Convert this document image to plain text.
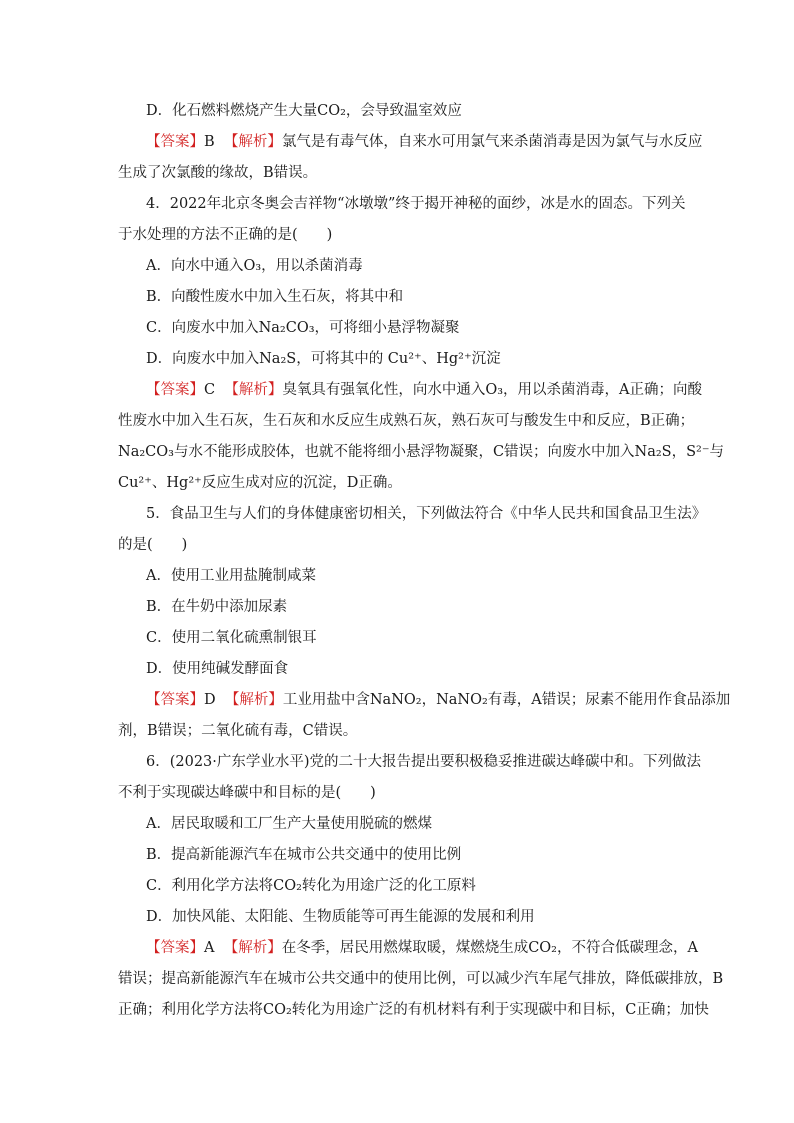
D．化石燃料燃烧产生大量CO₂，会导致温室效应
【答案】B 【解析】氯气是有毒气体，自来水可用氯气来杀菌消毒是因为氯气与水反应
生成了次氯酸的缘故，B错误。
4．2022年北京冬奥会吉祥物“冰墩墩”终于揭开神秘的面纱，冰是水的固态。下列关
于水处理的方法不正确的是(　　)
A．向水中通入O₃，用以杀菌消毒
B．向酸性废水中加入生石灰，将其中和
C．向废水中加入Na₂CO₃，可将细小悬浮物凝聚
D．向废水中加入Na₂S，可将其中的 Cu²⁺、Hg²⁺沉淀
【答案】C 【解析】臭氧具有强氧化性，向水中通入O₃，用以杀菌消毒，A正确；向酸
性废水中加入生石灰，生石灰和水反应生成熟石灰，熟石灰可与酸发生中和反应，B正确；
Na₂CO₃与水不能形成胶体，也就不能将细小悬浮物凝聚，C错误；向废水中加入Na₂S，S²⁻与
Cu²⁺、Hg²⁺反应生成对应的沉淀，D正确。
5．食品卫生与人们的身体健康密切相关，下列做法符合《中华人民共和国食品卫生法》
的是(　　)
A．使用工业用盐腌制咸菜
B．在牛奶中添加尿素
C．使用二氧化硫熏制银耳
D．使用纯碱发酵面食
【答案】D 【解析】工业用盐中含NaNO₂，NaNO₂有毒，A错误；尿素不能用作食品添加
剂，B错误；二氧化硫有毒，C错误。
6．(2023·广东学业水平)党的二十大报告提出要积极稳妥推进碳达峰碳中和。下列做法
不利于实现碳达峰碳中和目标的是(　　)
A．居民取暖和工厂生产大量使用脱硫的燃煤
B．提高新能源汽车在城市公共交通中的使用比例
C．利用化学方法将CO₂转化为用途广泛的化工原料
D．加快风能、太阳能、生物质能等可再生能源的发展和利用
【答案】A 【解析】在冬季，居民用燃煤取暖，煤燃烧生成CO₂，不符合低碳理念，A
错误；提高新能源汽车在城市公共交通中的使用比例，可以减少汽车尾气排放，降低碳排放，B
正确；利用化学方法将CO₂转化为用途广泛的有机材料有利于实现碳中和目标，C正确；加快
